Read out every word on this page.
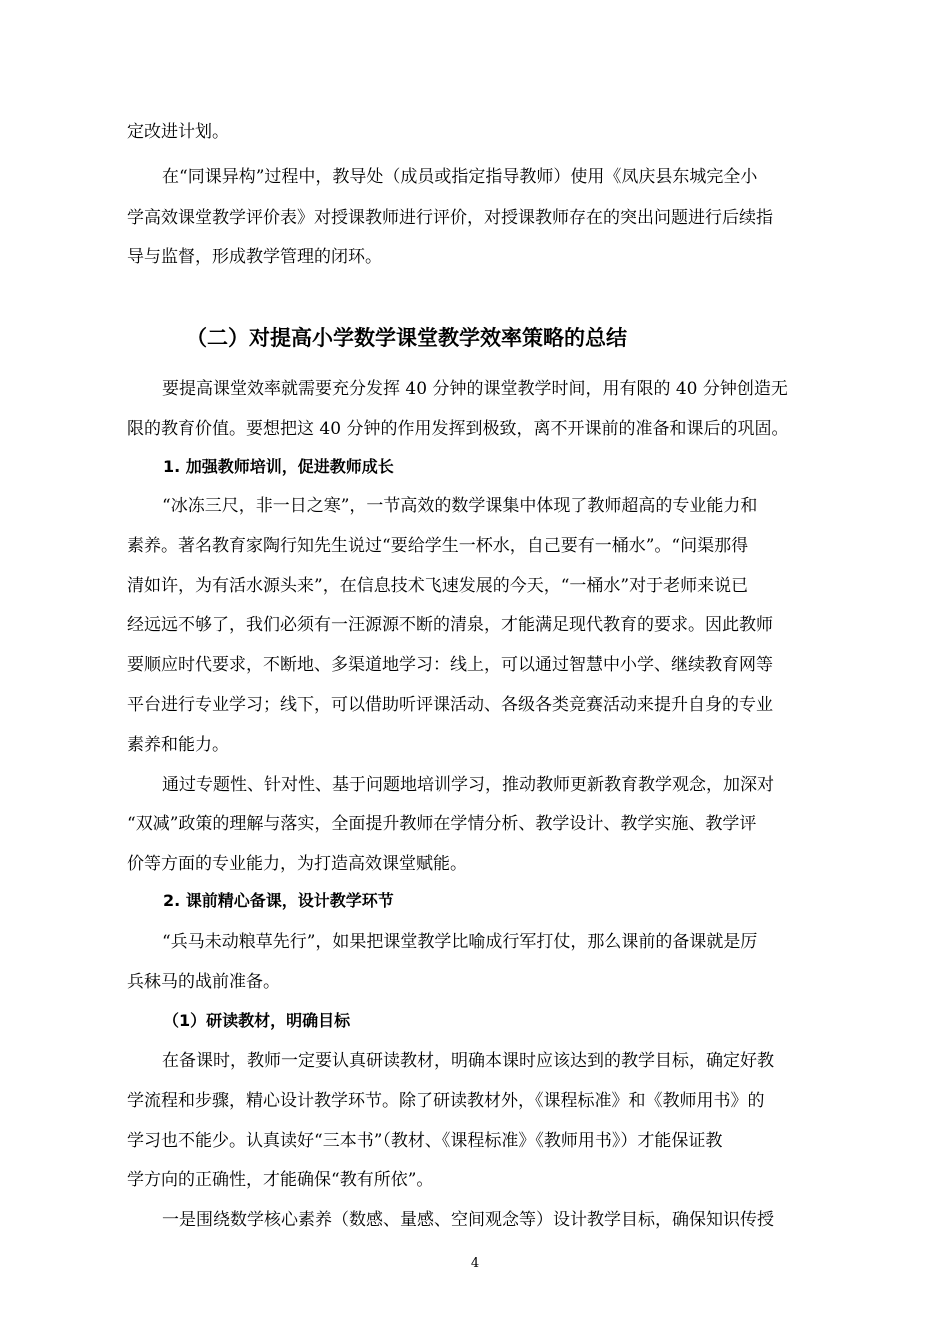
定改进计划。
在“同课异构”过程中，教导处（成员或指定指导教师）使用《凤庆县东城完全小
学高效课堂教学评价表》对授课教师进行评价，对授课教师存在的突出问题进行后续指
导与监督，形成教学管理的闭环。
（二）对提高小学数学课堂教学效率策略的总结
要提高课堂效率就需要充分发挥 40 分钟的课堂教学时间，用有限的 40 分钟创造无
限的教育价值。要想把这 40 分钟的作用发挥到极致，离不开课前的准备和课后的巩固。
1. 加强教师培训，促进教师成长
“冰冻三尺，非一日之寒”，一节高效的数学课集中体现了教师超高的专业能力和
素养。著名教育家陶行知先生说过“要给学生一杯水，自己要有一桶水”。“问渠那得
清如许，为有活水源头来”，在信息技术飞速发展的今天，“一桶水”对于老师来说已
经远远不够了，我们必须有一汪源源不断的清泉，才能满足现代教育的要求。因此教师
要顺应时代要求，不断地、多渠道地学习：线上，可以通过智慧中小学、继续教育网等
平台进行专业学习；线下，可以借助听评课活动、各级各类竞赛活动来提升自身的专业
素养和能力。
通过专题性、针对性、基于问题地培训学习，推动教师更新教育教学观念，加深对
“双减”政策的理解与落实，全面提升教师在学情分析、教学设计、教学实施、教学评
价等方面的专业能力，为打造高效课堂赋能。
2. 课前精心备课，设计教学环节
“兵马未动粮草先行”，如果把课堂教学比喻成行军打仗，那么课前的备课就是厉
兵秣马的战前准备。
（1）研读教材，明确目标
在备课时，教师一定要认真研读教材，明确本课时应该达到的教学目标，确定好教
学流程和步骤，精心设计教学环节。除了研读教材外，《课程标准》和《教师用书》的
学习也不能少。认真读好“三本书”（教材、《课程标准》《教师用书》）才能保证教
学方向的正确性，才能确保“教有所依”。
一是围绕数学核心素养（数感、量感、空间观念等）设计教学目标，确保知识传授
4
